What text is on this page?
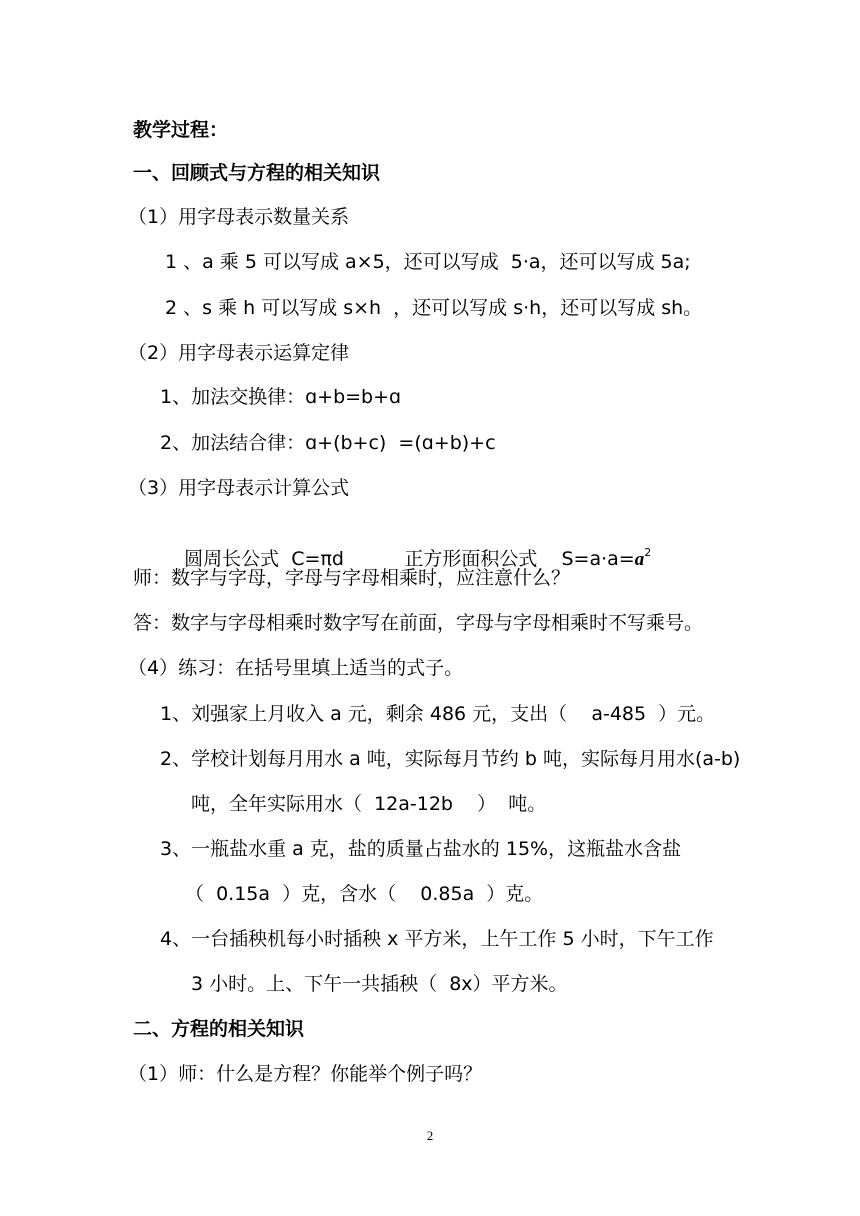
教学过程：
一、回顾式与方程的相关知识
（1）用字母表示数量关系
1 、a 乘 5 可以写成 a×5，还可以写成  5·a，还可以写成 5a;
2 、s 乘 h 可以写成 s×h  ，还可以写成 s·h，还可以写成 sh。
（2）用字母表示运算定律
1、加法交换律：ɑ+b=b+ɑ
2、加法结合律：ɑ+(b+c)  =(ɑ+b)+c
（3）用字母表示计算公式

圆周长公式  C=πd          正方形面积公式    $S=a\cdot a=a^2$

师：数字与字母，字母与字母相乘时，应注意什么？
答：数字与字母相乘时数字写在前面，字母与字母相乘时不写乘号。
（4）练习：在括号里填上适当的式子。
1、刘强家上月收入 a 元，剩余 486 元，支出（    a-485  ）元。
2、学校计划每月用水 a 吨，实际每月节约 b 吨，实际每月用水(a-b)
吨，全年实际用水（  12a-12b    ）  吨。
3、一瓶盐水重 a 克，盐的质量占盐水的 15%，这瓶盐水含盐
（  0.15a  ）克，含水（    0.85a  ）克。
4、一台插秧机每小时插秧 x 平方米，上午工作 5 小时，下午工作
3 小时。上、下午一共插秧（  8x）平方米。
二、方程的相关知识
（1）师：什么是方程？你能举个例子吗？
2
